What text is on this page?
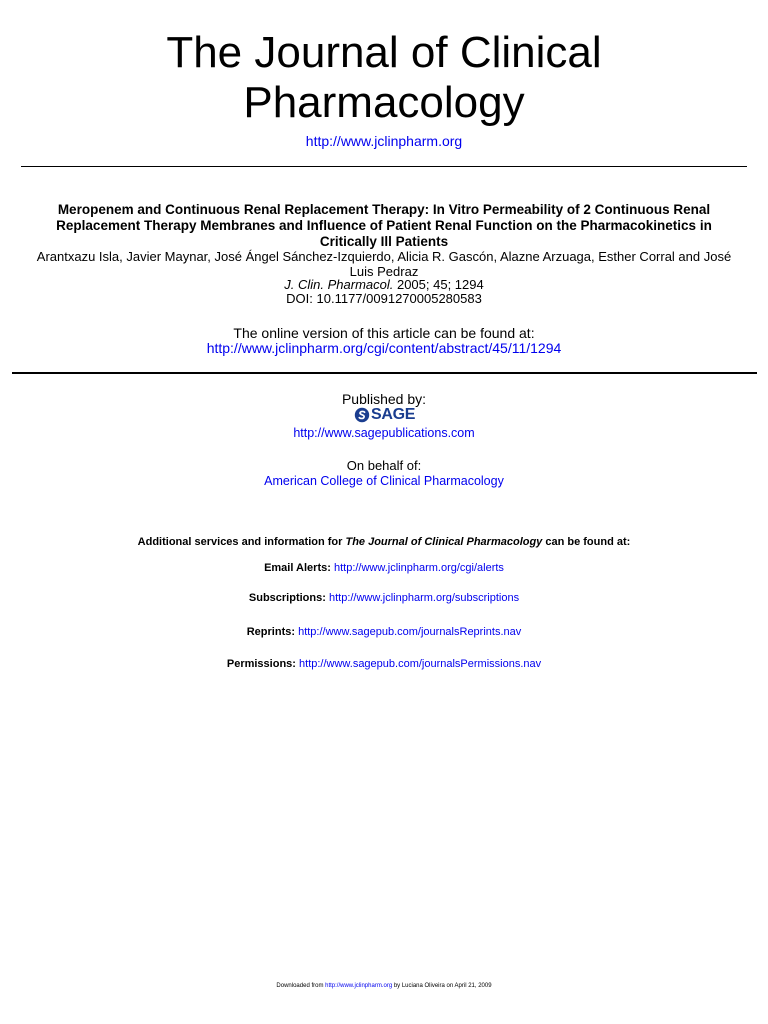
The Journal of Clinical
Pharmacology
http://www.jclinpharm.org
Meropenem and Continuous Renal Replacement Therapy: In Vitro Permeability of 2 Continuous Renal
Replacement Therapy Membranes and Influence of Patient Renal Function on the Pharmacokinetics in
Critically Ill Patients
Arantxazu Isla, Javier Maynar, José Ángel Sánchez-Izquierdo, Alicia R. Gascón, Alazne Arzuaga, Esther Corral and José
Luis Pedraz
J. Clin. Pharmacol. 2005; 45; 1294
DOI: 10.1177/0091270005280583
The online version of this article can be found at:
http://www.jclinpharm.org/cgi/content/abstract/45/11/1294
Published by:
SAGE
http://www.sagepublications.com
On behalf of:
American College of Clinical Pharmacology
Additional services and information for The Journal of Clinical Pharmacology can be found at:
Email Alerts: http://www.jclinpharm.org/cgi/alerts
Subscriptions: http://www.jclinpharm.org/subscriptions
Reprints: http://www.sagepub.com/journalsReprints.nav
Permissions: http://www.sagepub.com/journalsPermissions.nav
Downloaded from http://www.jclinpharm.org by Luciana Oliveira on April 21, 2009
